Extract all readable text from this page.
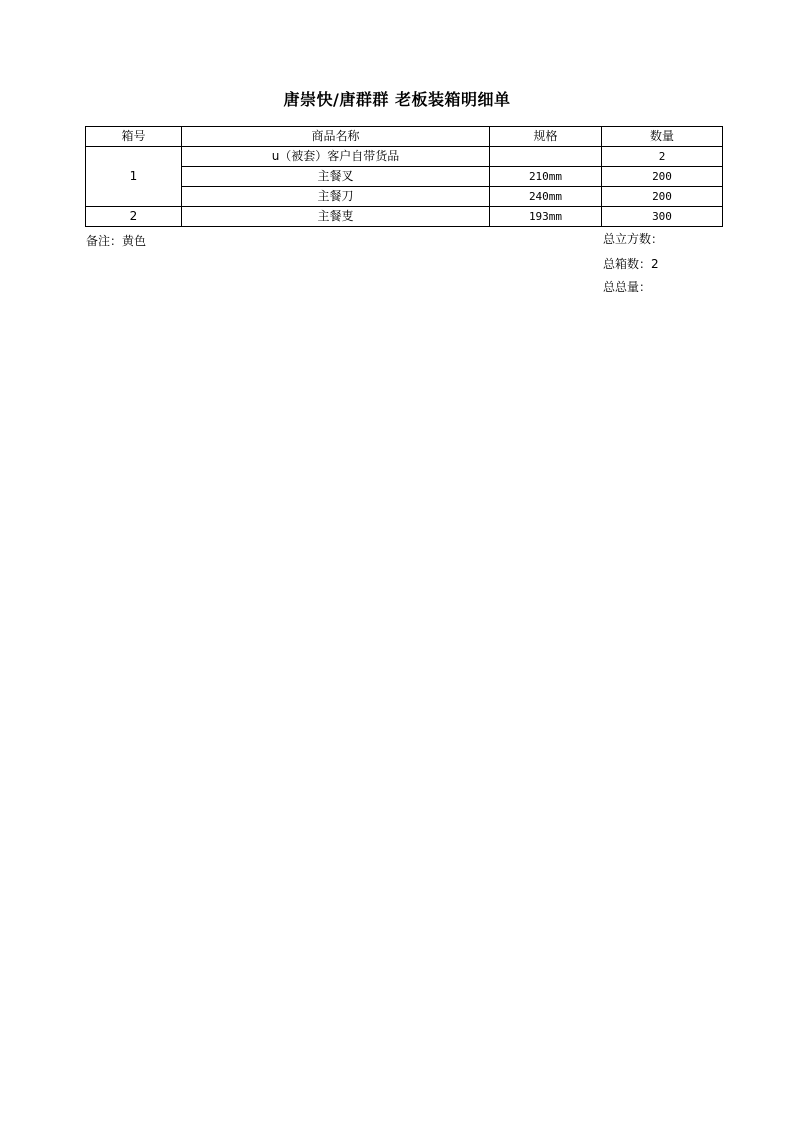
唐崇快/唐群群 老板装箱明细单
箱号	商品名称	规格	数量
1	u（被套）客户自带货品		2
	主餐叉	210mm	200
	主餐刀	240mm	200
2	主餐叓	193mm	300
备注：黄色	总立方数：
总箱数：2
总总量：
